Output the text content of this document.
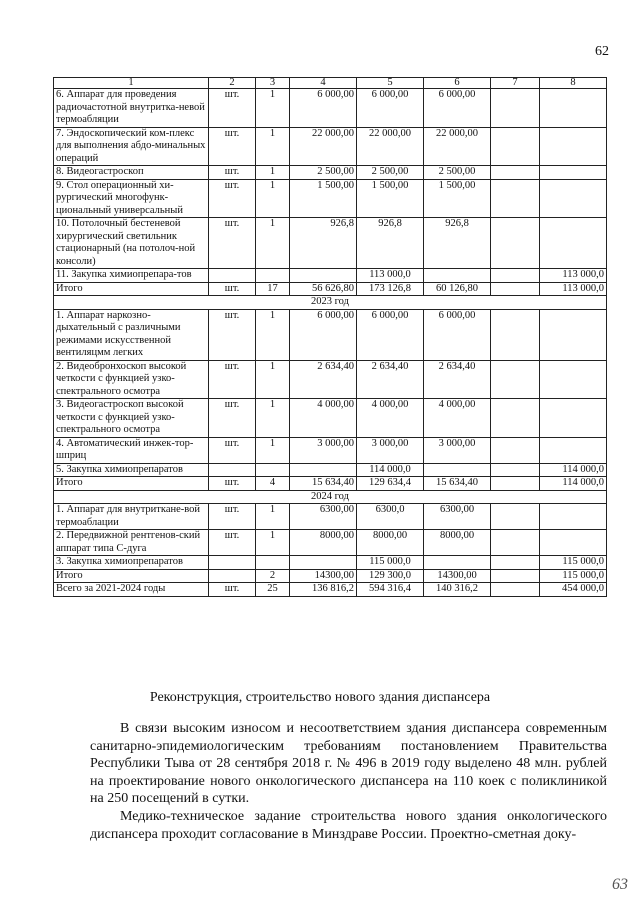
62
1	2	3	4	5	6	7	8
6. Аппарат для проведения радиочастотной внутритка-невой термоабляции	шт.	1	6 000,00	6 000,00	6 000,00		
7. Эндоскопический ком-плекс для выполнения абдо-минальных операций	шт.	1	22 000,00	22 000,00	22 000,00		
8. Видеогастроскоп	шт.	1	2 500,00	2 500,00	2 500,00		
9. Стол операционный хи-рургический многофунк-циональный универсальный	шт.	1	1 500,00	1 500,00	1 500,00		
10. Потолочный бестеневой хирургический светильник стационарный (на потолоч-ной консоли)	шт.	1	926,8	926,8	926,8		
11. Закупка химиопрепара-тов				113 000,0			113 000,0
Итого	шт.	17	56 626,80	173 126,8	60 126,80		113 000,0
2023 год							
1. Аппарат наркозно-дыхательный с различными режимами искусственной вентиляцмм легких	шт.	1	6 000,00	6 000,00	6 000,00		
2. Видеобронхоскоп высокой четкости с функцией узко-спектрального осмотра	шт.	1	2 634,40	2 634,40	2 634,40		
3. Видеогастроскоп высокой четкости с функцией узко-спектрального осмотра	шт.	1	4 000,00	4 000,00	4 000,00		
4. Автоматический инжек-тор-шприц	шт.	1	3 000,00	3 000,00	3 000,00		
5. Закупка химиопрепаратов				114 000,0			114 000,0
Итого	шт.	4	15 634,40	129 634,4	15 634,40		114 000,0
2024 год							
1. Аппарат для внутритканe-вой термоаблации	шт.	1	6300,00	6300,0	6300,00		
2. Передвижной рентгенов-ский аппарат типа С-дуга	шт.	1	8000,00	8000,00	8000,00		
3. Закупка химиопрепаратов				115 000,0			115 000,0
Итого		2	14300,00	129 300,0	14300,00		115 000,0
Всего за 2021-2024 годы	шт.	25	136 816,2	594 316,4	140 316,2		454 000,0
Реконструкция, строительство нового здания диспансера
В связи высоким износом и несоответствием здания диспансера современным санитарно-эпидемиологическим требованиям постановлением Правительства Республики Тыва от 28 сентября 2018 г. № 496 в 2019 году выделено 48 млн. рублей на проектирование нового онкологического диспансера на 110 коек с поликлиникой на 250 посещений в сутки.
Медико-техническое задание строительства нового здания онкологического диспансера проходит согласование в Минздраве России. Проектно-сметная доку-
63
